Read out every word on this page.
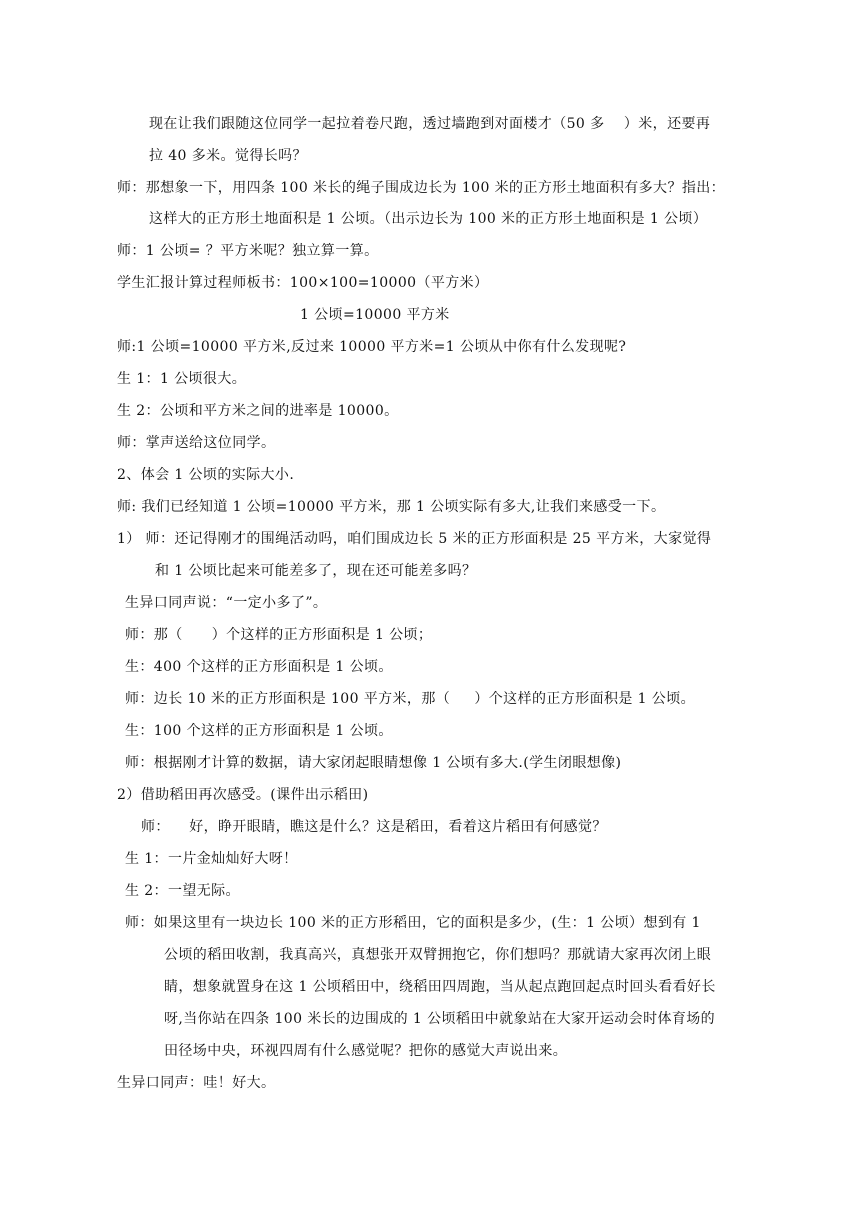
现在让我们跟随这位同学一起拉着卷尺跑，透过墙跑到对面楼才（50 多    ）米，还要再
拉 40 多米。觉得长吗？
师：那想象一下，用四条 100 米长的绳子围成边长为 100 米的正方形土地面积有多大？指出：
这样大的正方形土地面积是 1 公顷。（出示边长为 100 米的正方形土地面积是 1 公顷）
师：1 公顷= ？平方米呢？独立算一算。
学生汇报计算过程师板书：100×100=10000（平方米）
1 公顷=10000 平方米
师:1 公顷=10000 平方米,反过来 10000 平方米=1 公顷从中你有什么发现呢?
生 1：1 公顷很大。
生 2：公顷和平方米之间的进率是 10000。
师：掌声送给这位同学。
2、体会 1 公顷的实际大小.
师: 我们已经知道 1 公顷=10000 平方米，那 1 公顷实际有多大,让我们来感受一下。
1） 师：还记得刚才的围绳活动吗，咱们围成边长 5 米的正方形面积是 25 平方米，大家觉得
和 1 公顷比起来可能差多了，现在还可能差多吗？
生异口同声说：“一定小多了”。
师：那（      ）个这样的正方形面积是 1 公顷；
生：400 个这样的正方形面积是 1 公顷。
师：边长 10 米的正方形面积是 100 平方米，那（     ）个这样的正方形面积是 1 公顷。
生：100 个这样的正方形面积是 1 公顷。
师：根据刚才计算的数据，请大家闭起眼睛想像 1 公顷有多大.(学生闭眼想像)
2）借助稻田再次感受。(课件出示稻田)
师：    好，睁开眼睛，瞧这是什么？这是稻田，看着这片稻田有何感觉？
生 1：一片金灿灿好大呀！
生 2：一望无际。
师：如果这里有一块边长 100 米的正方形稻田，它的面积是多少，(生：1 公顷）想到有 1
公顷的稻田收割，我真高兴，真想张开双臂拥抱它，你们想吗？那就请大家再次闭上眼
睛，想象就置身在这 1 公顷稻田中，绕稻田四周跑，当从起点跑回起点时回头看看好长
呀,当你站在四条 100 米长的边围成的 1 公顷稻田中就象站在大家开运动会时体育场的
田径场中央，环视四周有什么感觉呢？把你的感觉大声说出来。
生异口同声：哇！好大。
